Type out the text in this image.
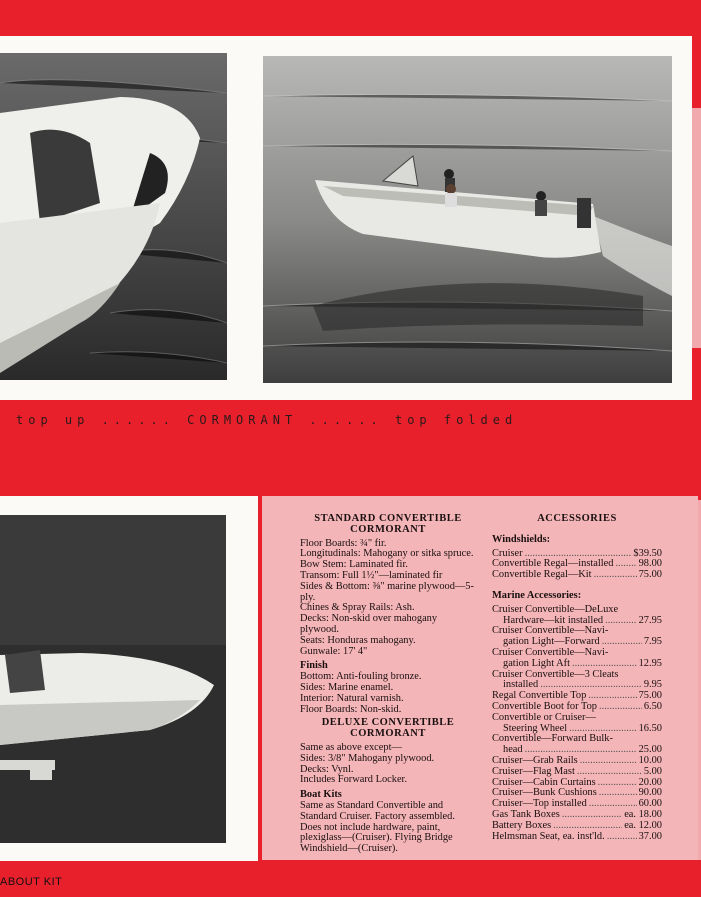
top up ...... CORMORANT ...... top folded
STANDARD CONVERTIBLE
CORMORANT
Floor Boards: ¾" fir.
Longitudinals: Mahogany or sitka spruce.
Bow Stem: Laminated fir.
Transom: Full 1½"—laminated fir
Sides & Bottom: ⅜" marine plywood—5-ply.
Chines & Spray Rails: Ash.
Decks: Non-skid over mahogany plywood.
Seats: Honduras mahogany.
Gunwale: 17' 4"
Finish
Bottom: Anti-fouling bronze.
Sides: Marine enamel.
Interior: Natural varnish.
Floor Boards: Non-skid.
DELUXE CONVERTIBLE
CORMORANT
Same as above except—
Sides: 3/8" Mahogany plywood.
Decks: Vynl.
Includes Forward Locker.
Boat Kits
Same as Standard Convertible and Standard Cruiser. Factory assembled. Does not include hardware, paint, plexiglass—(Cruiser). Flying Bridge Windshield—(Cruiser).
ACCESSORIES
Windshields:
Cruiser .....	$39.50
Convertible Regal—installed ..... 98.00
Convertible Regal—Kit .....	75.00
Marine Accessories:
Cruiser Convertible—DeLuxe
Hardware—kit installed .....	27.95
Cruiser Convertible—Navi-
gation Light—Forward .....	7.95
Cruiser Convertible—Navi-
gation Light Aft .....	12.95
Cruiser Convertible—3 Cleats
installed .....	9.95
Regal Convertible Top .....	75.00
Convertible Boot for Top .....	6.50
Convertible or Cruiser—
Steering Wheel .....	16.50
Convertible—Forward Bulk-
head .....	25.00
Cruiser—Grab Rails .....	10.00
Cruiser—Flag Mast .....	5.00
Cruiser—Cabin Curtains .....	20.00
Cruiser—Bunk Cushions .....	90.00
Cruiser—Top installed .....	60.00
Gas Tank Boxes .....	ea. 18.00
Battery Boxes .....	ea. 12.00
Helmsman Seat, ea. inst'ld. .....	37.00
ABOUT KIT
